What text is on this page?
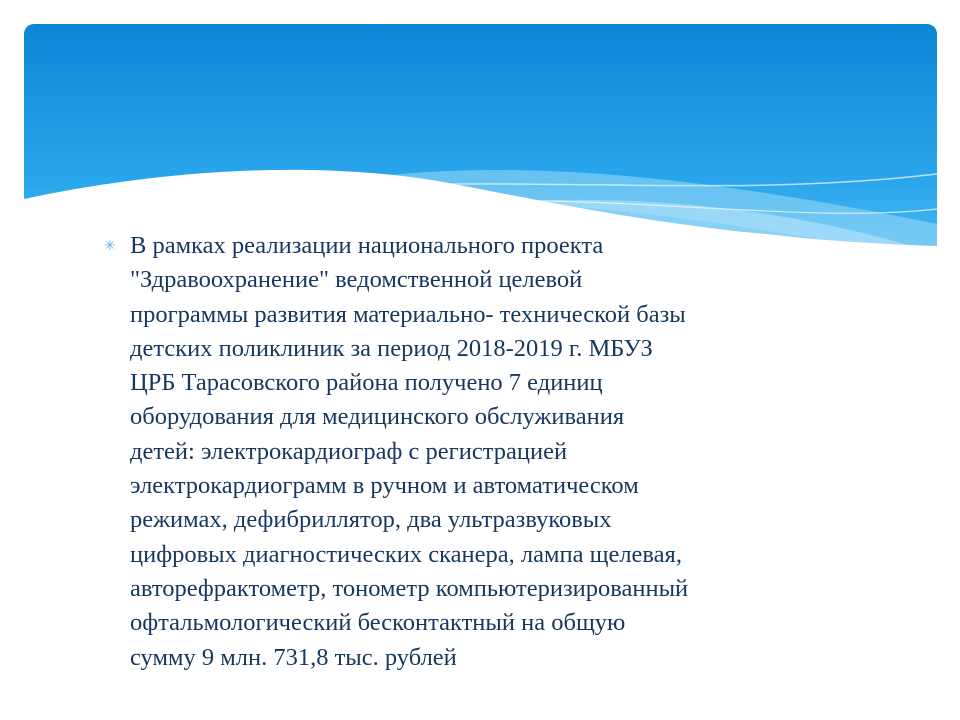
✳ В рамках реализации национального проекта
"Здравоохранение" ведомственной целевой
программы развития материально- технической базы
детских поликлиник за период 2018-2019 г. МБУЗ
ЦРБ Тарасовского района получено 7 единиц
оборудования для медицинского обслуживания
детей: электрокардиограф с регистрацией
электрокардиограмм в ручном и автоматическом
режимах, дефибриллятор, два ультразвуковых
цифровых диагностических сканера, лампа щелевая,
авторефрактометр, тонометр компьютеризированный
офтальмологический бесконтактный на общую
сумму 9 млн. 731,8 тыс. рублей
